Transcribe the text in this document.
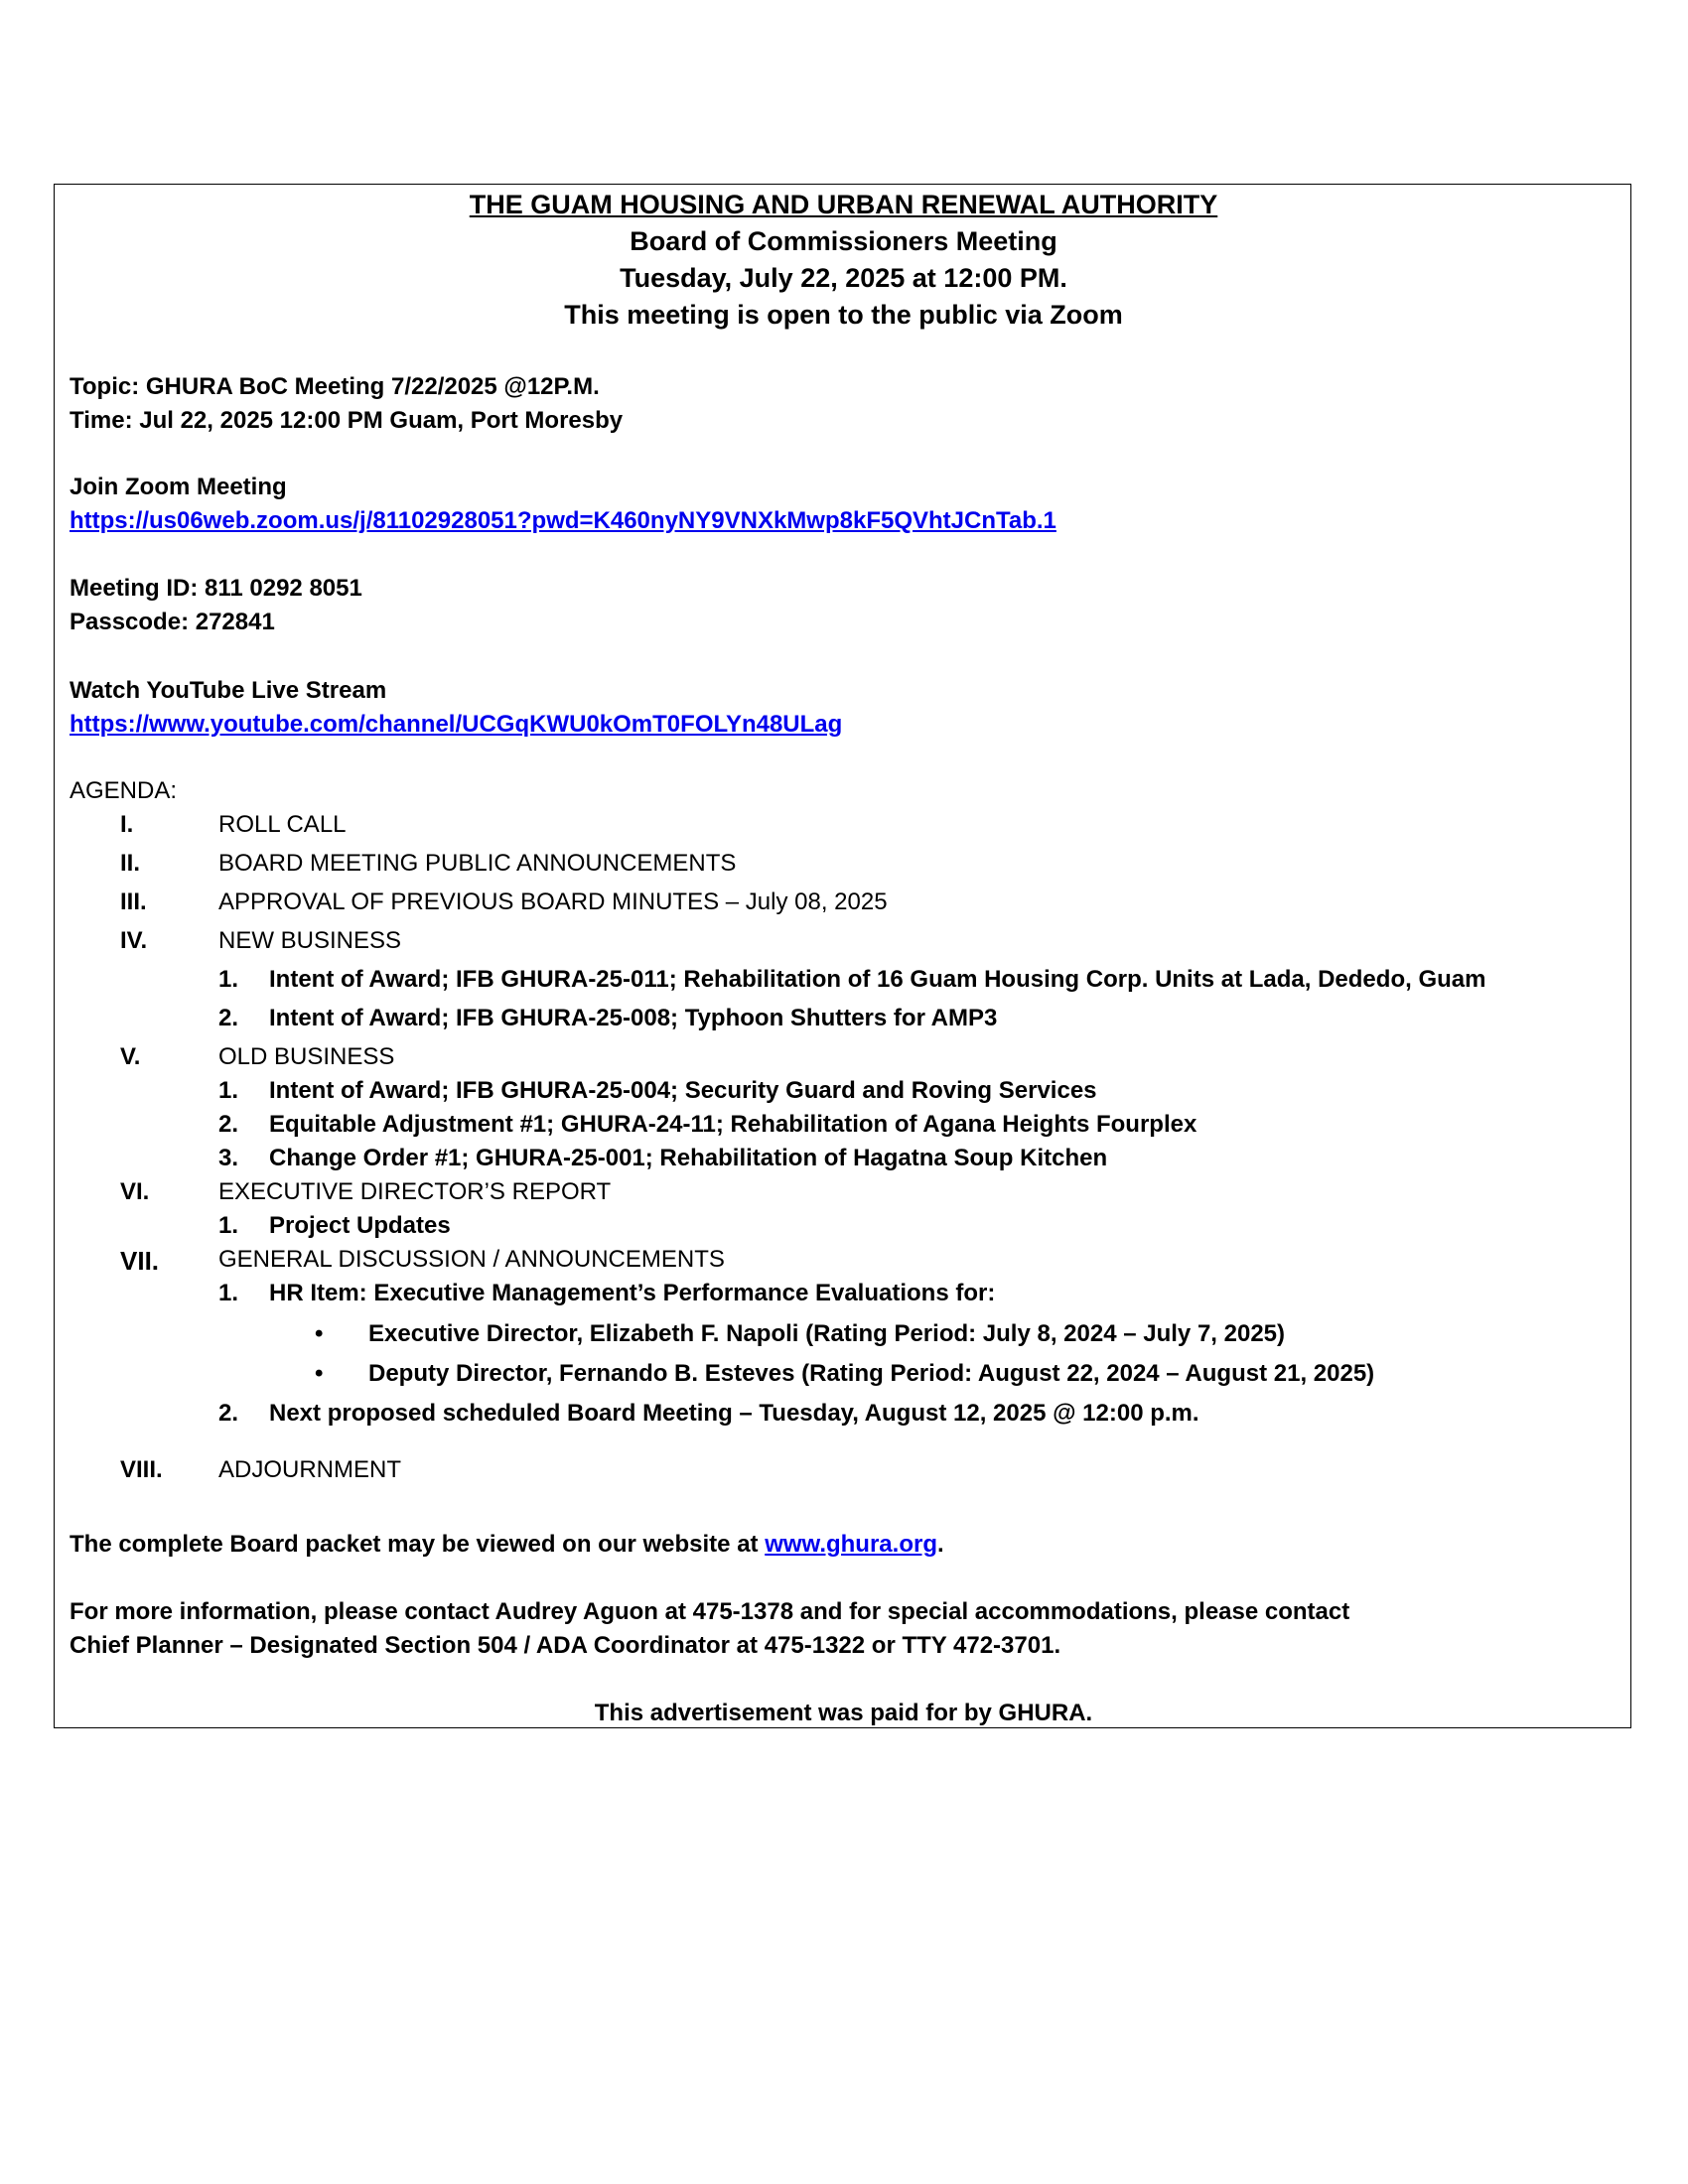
THE GUAM HOUSING AND URBAN RENEWAL AUTHORITY
Board of Commissioners Meeting
Tuesday, July 22, 2025 at 12:00 PM.
This meeting is open to the public via Zoom
Topic: GHURA BoC Meeting 7/22/2025 @12P.M.
Time: Jul 22, 2025 12:00 PM Guam, Port Moresby
Join Zoom Meeting
https://us06web.zoom.us/j/81102928051?pwd=K460nyNY9VNXkMwp8kF5QVhtJCnTab.1
Meeting ID: 811 0292 8051
Passcode: 272841
Watch YouTube Live Stream
https://www.youtube.com/channel/UCGqKWU0kOmT0FOLYn48ULag
AGENDA:
I.	ROLL CALL
II.	BOARD MEETING PUBLIC ANNOUNCEMENTS
III.	APPROVAL OF PREVIOUS BOARD MINUTES – July 08, 2025
IV.	NEW BUSINESS
1.	Intent of Award; IFB GHURA-25-011; Rehabilitation of 16 Guam Housing Corp. Units at Lada, Dededo, Guam
2.	Intent of Award; IFB GHURA-25-008; Typhoon Shutters for AMP3
V.	OLD BUSINESS
1.	Intent of Award; IFB GHURA-25-004; Security Guard and Roving Services
2.	Equitable Adjustment #1; GHURA-24-11; Rehabilitation of Agana Heights Fourplex
3.	Change Order #1; GHURA-25-001; Rehabilitation of Hagatna Soup Kitchen
VI.	EXECUTIVE DIRECTOR’S REPORT
1.	Project Updates
VII.	GENERAL DISCUSSION / ANNOUNCEMENTS
1.	HR Item: Executive Management’s Performance Evaluations for:
• Executive Director, Elizabeth F. Napoli (Rating Period: July 8, 2024 – July 7, 2025)
• Deputy Director, Fernando B. Esteves (Rating Period: August 22, 2024 – August 21, 2025)
2.	Next proposed scheduled Board Meeting – Tuesday, August 12, 2025 @ 12:00 p.m.
VIII.	ADJOURNMENT
The complete Board packet may be viewed on our website at www.ghura.org.
For more information, please contact Audrey Aguon at 475-1378 and for special accommodations, please contact
Chief Planner – Designated Section 504 / ADA Coordinator at 475-1322 or TTY 472-3701.
This advertisement was paid for by GHURA.
